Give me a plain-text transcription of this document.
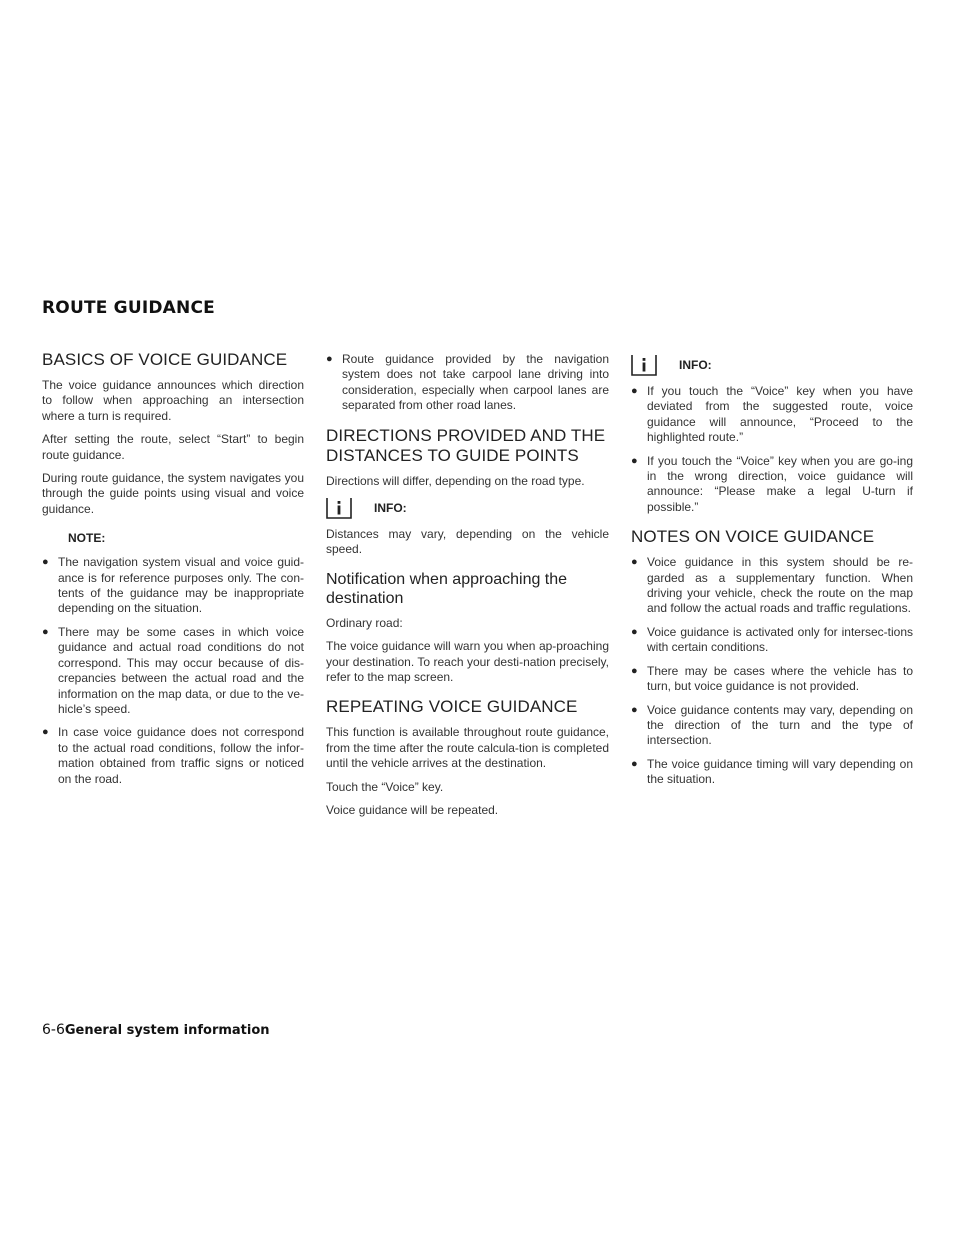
ROUTE GUIDANCE
BASICS OF VOICE GUIDANCE

The voice guidance announces which direction to follow when approaching an intersection where a turn is required.

After setting the route, select “Start” to begin route guidance.

During route guidance, the system navigates you through the guide points using visual and voice guidance.

NOTE:
● The navigation system visual and voice guid-ance is for reference purposes only. The con-tents of the guidance may be inappropriate depending on the situation.
● There may be some cases in which voice guidance and actual road conditions do not correspond. This may occur because of dis-crepancies between the actual road and the information on the map data, or due to the ve-hicle’s speed.
● In case voice guidance does not correspond to the actual road conditions, follow the infor-mation obtained from traffic signs or noticed on the road.
● Route guidance provided by the navigation system does not take carpool lane driving into consideration, especially when carpool lanes are separated from other road lanes.
DIRECTIONS PROVIDED AND THE DISTANCES TO GUIDE POINTS

Directions will differ, depending on the road type.

INFO:

Distances may vary, depending on the vehicle speed.

Notification when approaching the destination

Ordinary road:

The voice guidance will warn you when ap-proaching your destination. To reach your desti-nation precisely, refer to the map screen.

REPEATING VOICE GUIDANCE

This function is available throughout route guidance, from the time after the route calcula-tion is completed until the vehicle arrives at the destination.

Touch the “Voice” key.

Voice guidance will be repeated.

INFO:
● If you touch the “Voice” key when you have deviated from the suggested route, voice guidance will announce, “Proceed to the highlighted route.”
● If you touch the “Voice” key when you are go-ing in the wrong direction, voice guidance will announce: “Please make a legal U-turn if possible.”
NOTES ON VOICE GUIDANCE
● Voice guidance in this system should be re-garded as a supplementary function. When driving your vehicle, check the route on the map and follow the actual roads and traffic regulations.
● Voice guidance is activated only for intersec-tions with certain conditions.
● There may be cases where the vehicle has to turn, but voice guidance is not provided.
● Voice guidance contents may vary, depending on the direction of the turn and the type of intersection.
● The voice guidance timing will vary depending on the situation.
6-6General system information
